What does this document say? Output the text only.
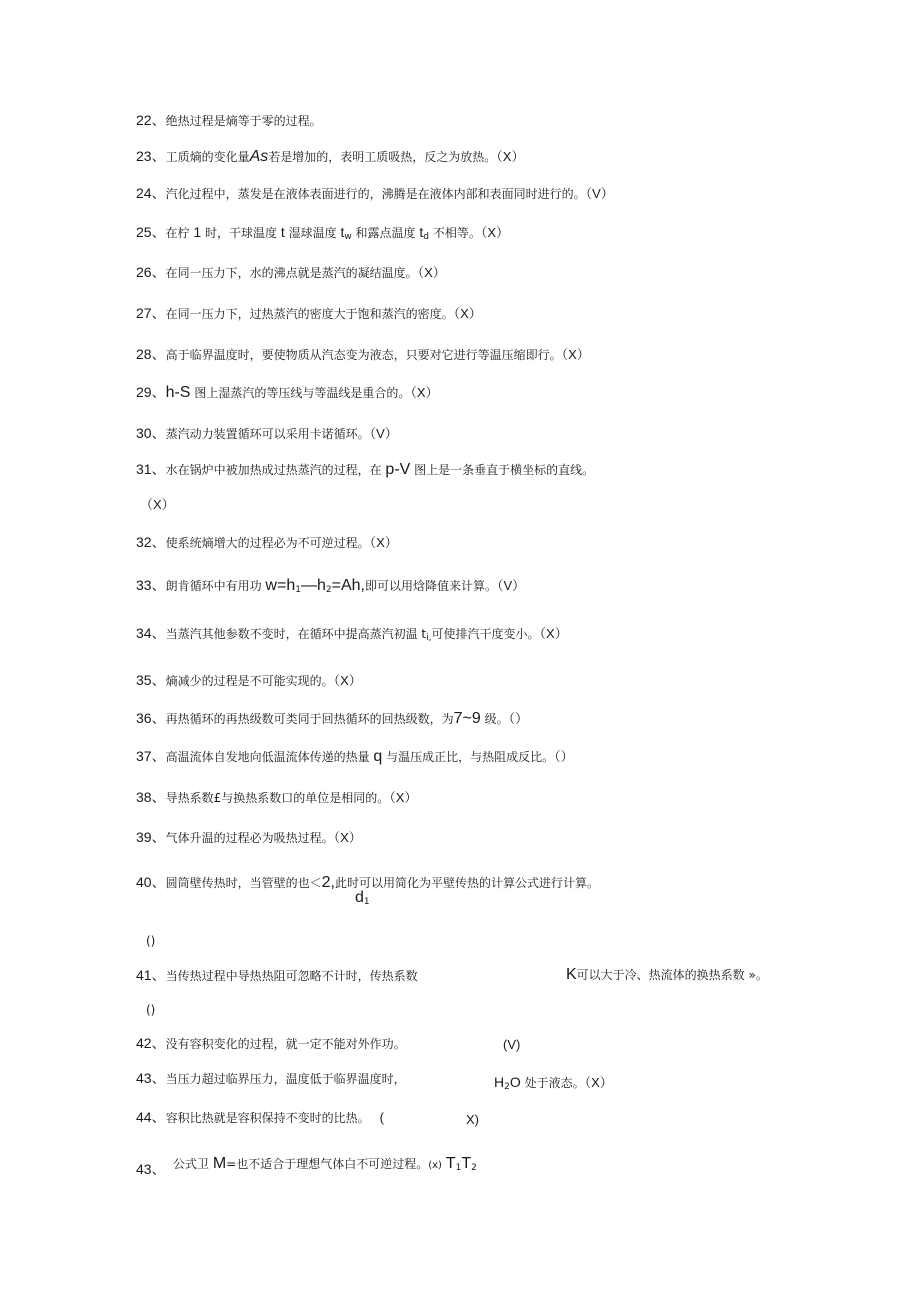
22、绝热过程是熵等于零的过程。
23、工质熵的变化量As若是增加的，表明工质吸热，反之为放热。（X）
24、汽化过程中，蒸发是在液体表面进行的，沸腾是在液体内部和表面同时进行的。（V）
25、在柠 1 时，干球温度 t 湿球温度 $t_w$ 和露点温度 $t_d$ 不相等。（X）
26、在同一压力下，水的沸点就是蒸汽的凝结温度。（X）
27、在同一压力下，过热蒸汽的密度大于饱和蒸汽的密度。（X）
28、高于临界温度时，要使物质从汽态变为液态，只要对它进行等温压缩即行。（X）
29、h-S 图上湿蒸汽的等压线与等温线是重合的。（X）
30、蒸汽动力装置循环可以采用卡诺循环。（V）
31、水在锅炉中被加热成过热蒸汽的过程，在 p-V 图上是一条垂直于横坐标的直线。
（X）
32、使系统熵增大的过程必为不可逆过程。（X）
33、朗肯循环中有用功 $w=h_1—h_2=Ah$,即可以用焓降值来计算。（V）
34、当蒸汽其他参数不变时，在循环中提高蒸汽初温 $t_{i,}$可使排汽干度变小。（X）
35、熵减少的过程是不可能实现的。（X）
36、再热循环的再热级数可类同于回热循环的回热级数，为7~9 级。（）
37、高温流体自发地向低温流体传递的热量 q 与温压成正比，与热阻成反比。（）
38、导热系数£与换热系数口的单位是相同的。（X）
39、气体升温的过程必为吸热过程。（X）
40、圆筒壁传热时，当管壁的也＜2,此时可以用简化为平壁传热的计算公式进行计算。
$d_1$
()
41、当传热过程中导热热阻可忽略不计时，传热系数	K可以大于冷、热流体的换热系数 »。
()
42、没有容积变化的过程，就一定不能对外作功。	(V)
43、当压力超过临界压力，温度低于临界温度时，	$H_2O$ 处于液态。（X）
44、容积比热就是容积保持不变时的比热。 (	X)
43、 公式卫 M=也不适合于理想气体白不可逆过程。(x) $T_1T_2$
